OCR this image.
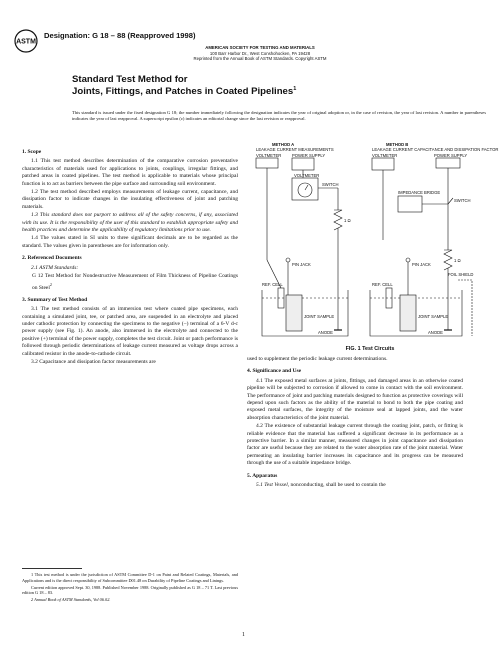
ASTM
Designation: G 18 – 88 (Reapproved 1998)
AMERICAN SOCIETY FOR TESTING AND MATERIALS
100 Barr Harbor Dr., West Conshohocken, PA 19428
Reprinted from the Annual Book of ASTM Standards. Copyright ASTM
Standard Test Method for
Joints, Fittings, and Patches in Coated Pipelines$^1$

This standard is issued under the fixed designation G 18; the number immediately following the designation indicates the year of original adoption or, in the case of revision, the year of last revision. A number in parentheses indicates the year of last reapproval. A superscript epsilon (ε) indicates an editorial change since the last revision or reapproval.

1. Scope

1.1 This test method describes determination of the comparative corrosion preventative characteristics of materials used for applications to joints, couplings, irregular fittings, and patched areas in coated pipelines. The test method is applicable to materials whose principal function is to act as barriers between the pipe surface and surrounding soil environment.

1.2 The test method described employs measurements of leakage current, capacitance, and dissipation factor to indicate changes in the insulating effectiveness of joint and patching materials.

1.3 This standard does not purport to address all of the safety concerns, if any, associated with its use. It is the responsibility of the user of this standard to establish appropriate safety and health practices and determine the applicability of regulatory limitations prior to use.

1.4 The values stated in SI units to three significant decimals are to be regarded as the standard. The values given in parentheses are for information only.

2. Referenced Documents

2.1 ASTM Standards:

G 12 Test Method for Nondestructive Measurement of Film Thickness of Pipeline Coatings on Steel$^2$

3. Summary of Test Method

3.1 The test method consists of an immersion test where coated pipe specimens, each containing a simulated joint, tee, or patched area, are suspended in an electrolyte and placed under cathodic protection by connecting the specimens to the negative (−) terminal of a 6-V d-c power supply (see Fig. 1). An anode, also immersed in the electrolyte and connected to the positive (+) terminal of the power supply, completes the test circuit. Joint or patch performance is followed through periodic determinations of leakage current measured as voltage drops across a calibrated resistor in the anode-to-cathode circuit.

3.2 Capacitance and dissipation factor measurements are

1 This test method is under the jurisdiction of ASTM Committee D-1 on Paint and Related Coatings, Materials, and Applications and is the direct responsibility of Subcommittee D01.48 on Durability of Pipeline Coatings and Linings.

Current edition approved Sept. 30, 1988. Published November 1988. Originally published as G 18 – 71 T. Last previous edition G 18 – 83.

2 Annual Book of ASTM Standards, Vol 06.02.

METHOD A
LEAKAGE CURRENT MEASUREMENTS
METHOD B
LEAKAGE CURRENT CAPACITANCE AND DISSIPATION FACTOR
VOLTMETER	POWER SUPPLY
VOLTMETER
SWITCH
1 Ω
PIN JACK
REF. CELL
JOINT SAMPLE
ANODE
VOLTMETER
IMPEDANCE BRIDGE
POWER SUPPLY
SWITCH
1 Ω
PIN JACK
REF. CELL
JOINT SAMPLE
ANODE
FOIL SHIELD
FIG. 1 Test Circuits

used to supplement the periodic leakage current determinations.

4. Significance and Use

4.1 The exposed metal surfaces at joints, fittings, and damaged areas in an otherwise coated pipeline will be subjected to corrosion if allowed to come in contact with the soil environment. The performance of joint and patching materials designed to function as protective coverings will depend upon such factors as the ability of the material to bond to both the pipe coating and exposed metal surfaces, the integrity of the moisture seal at lapped joints, and the water absorption characteristics of the joint material.

4.2 The existence of substantial leakage current through the coating joint, patch, or fitting is reliable evidence that the material has suffered a significant decrease in its performance as a protective barrier. In a similar manner, measured changes in joint capacitance and dissipation factor are useful because they are related to the water absorption rate of the joint material. Water permeating an insulating barrier increases its capacitance and its progress can be measured through the use of a suitable impedance bridge.

5. Apparatus

5.1 Test Vessel, nonconducting, shall be used to contain the

1
